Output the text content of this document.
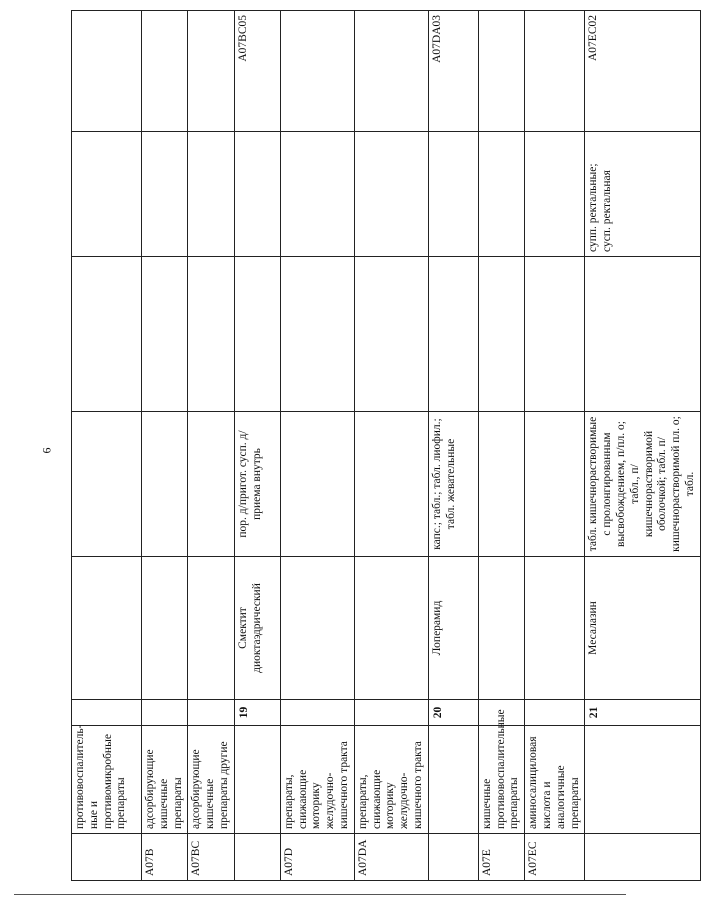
6
	противовоспалитель-ные и противомикробные препараты						
A07B	адсорбирующие кишечные препараты						
A07BC	адсорбирующие кишечные препараты другие						
		19	Смектит диоктаэдрический	пор. д/пригот. сусп. д/приема внутрь			A07BC05
A07D	препараты, снижающие моторику желудочно-кишечного тракта						
A07DA	препараты, снижающие моторику желудочно-кишечного тракта						
		20	Лоперамид	капс.; табл.; табл. лиофил.; табл. жевательные			A07DA03
A07E	кишечные противовоспалительные препараты						
A07EC	аминосалициловая кислота и аналогичные препараты						
		21	Месалазин	табл. кишечнорастворимые с пролонгированным высвобождением, п/пл. о; табл., п/кишечнорастворимой оболочкой; табл. п/кишечнорастворимой пл. о; табл.		супп. ректальные; сусп. ректальная	A07EC02
